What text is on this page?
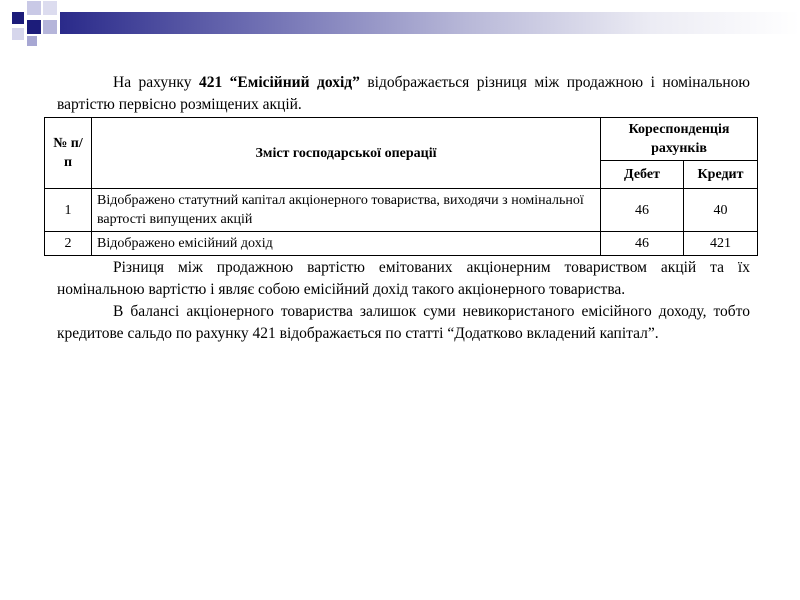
На рахунку 421 “Емісійний дохід” відображається різниця між продажною і номінальною вартістю первісно розміщених акцій.

№ п/п	Зміст господарської операції	Кореспонденція рахунків	
		Дебет	Кредит
1	Відображено статутний капітал акціонерного товариства, виходячи з номінальної вартості випущених акцій	46	40
2	Відображено емісійний дохід	46	421

Різниця між продажною вартістю емітованих акціонерним товариством акцій та їх номінальною вартістю і являє собою емісійний дохід такого акціонерного товариства.

В балансі акціонерного товариства залишок суми невикористаного емісійного доходу, тобто кредитове сальдо по рахунку 421 відображається по статті “Додатково вкладений капітал”.
